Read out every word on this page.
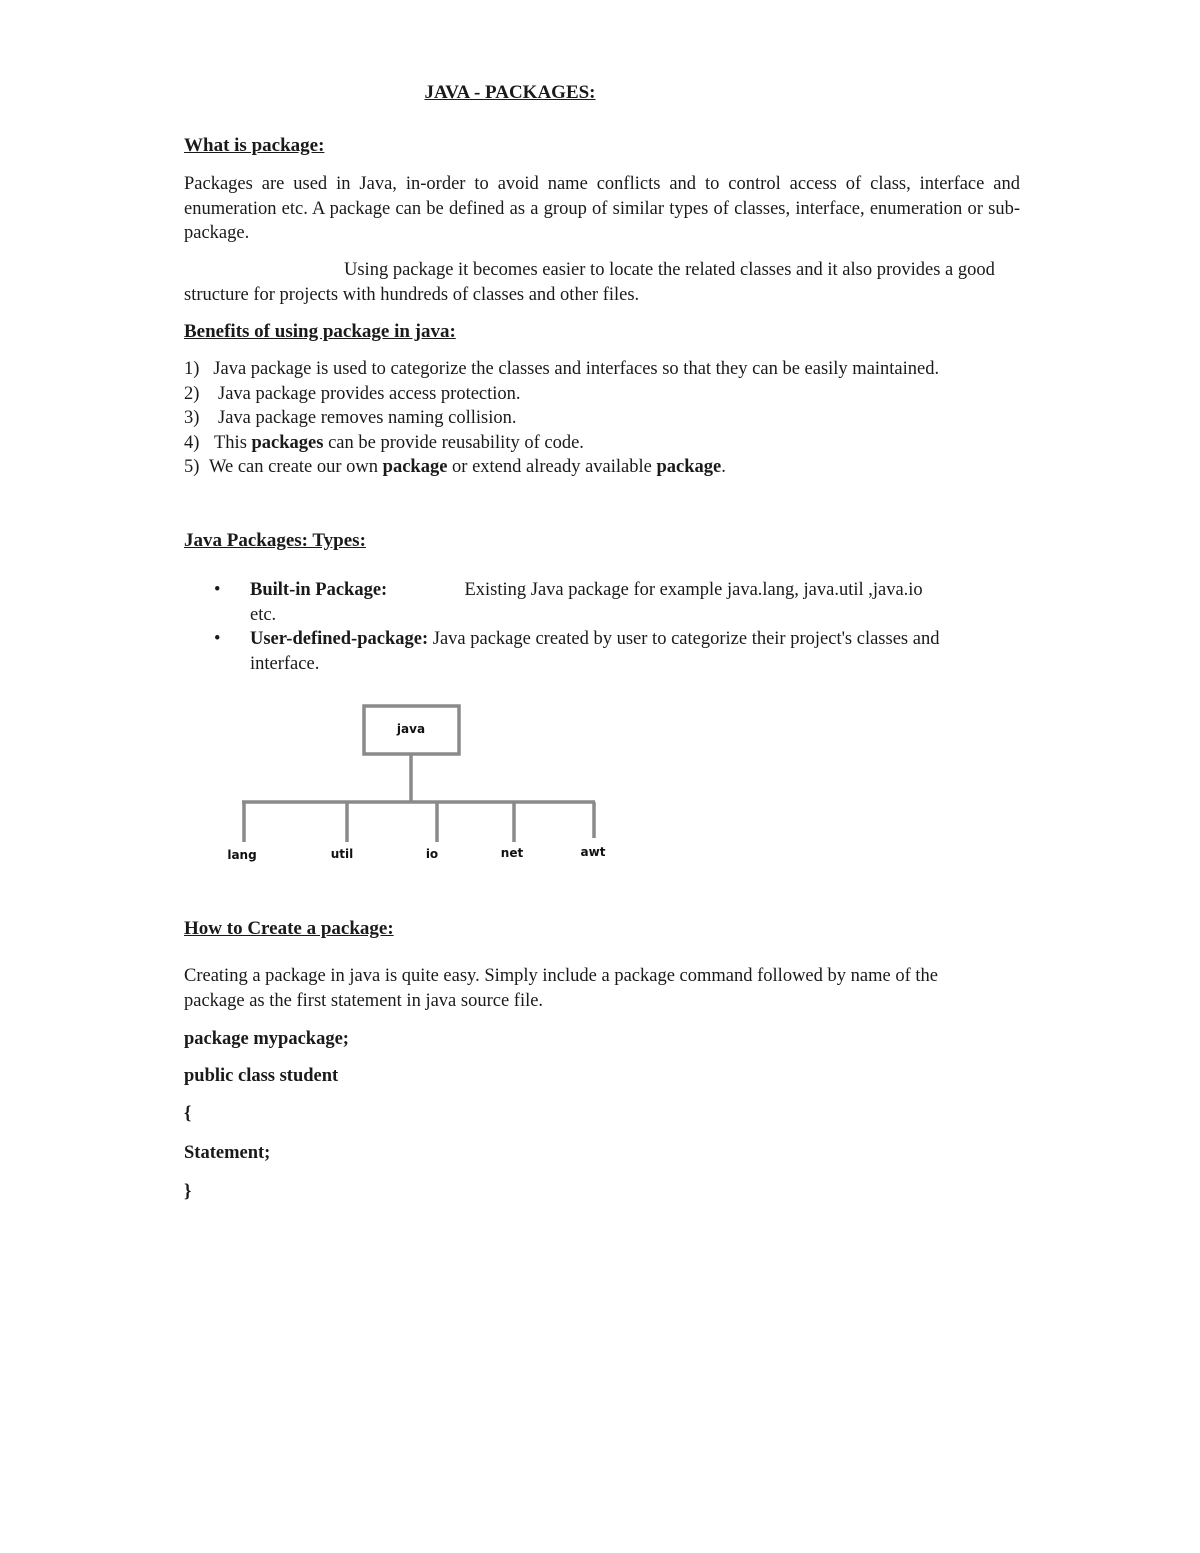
JAVA - PACKAGES:
What is package:
Packages are used in Java, in-order to avoid name conflicts and to control access of class, interface and enumeration etc. A package can be defined as a group of similar types of classes, interface, enumeration or sub-package.
Using package it becomes easier to locate the related classes and it also provides a good structure for projects with hundreds of classes and other files.
Benefits of using package in java:
1) Java package is used to categorize the classes and interfaces so that they can be easily maintained.
2) Java package provides access protection.
3) Java package removes naming collision.
4) This packages can be provide reusability of code.
5) We can create our own package or extend already available package.
Java Packages: Types:
• Built-in Package:	Existing Java package for example java.lang, java.util ,java.io etc.
• User-defined-package: Java package created by user to categorize their project's classes and interface.
How to Create a package:
Creating a package in java is quite easy. Simply include a package command followed by name of the package as the first statement in java source file.
package mypackage;
public class student
{
Statement;
}
java
lang	util	io	net	awt
